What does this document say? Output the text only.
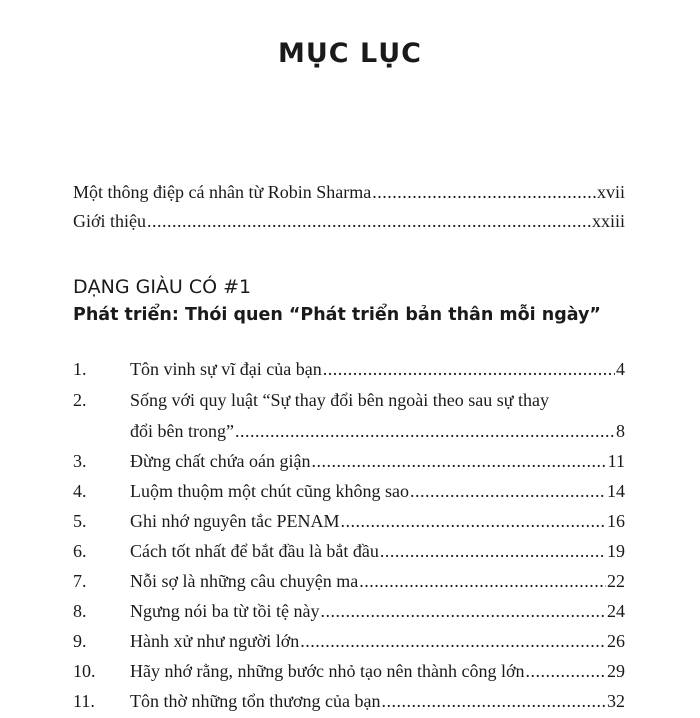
MỤC LỤC
Một thông điệp cá nhân từ Robin Sharma .....	xvii
Giới thiệu .....	xxiii
DẠNG GIÀU CÓ #1
Phát triển: Thói quen “Phát triển bản thân mỗi ngày”
1. Tôn vinh sự vĩ đại của bạn .....	4
2. Sống với quy luật “Sự thay đổi bên ngoài theo sau sự thay
đổi bên trong” .....	8
3. Đừng chất chứa oán giận .....	11
4. Luộm thuộm một chút cũng không sao .....	14
5. Ghi nhớ nguyên tắc PENAM .....	16
6. Cách tốt nhất để bắt đầu là bắt đầu .....	19
7. Nỗi sợ là những câu chuyện ma .....	22
8. Ngưng nói ba từ tồi tệ này .....	24
9. Hành xử như người lớn .....	26
10. Hãy nhớ rằng, những bước nhỏ tạo nên thành công lớn .....	29
11. Tôn thờ những tổn thương của bạn .....	32
